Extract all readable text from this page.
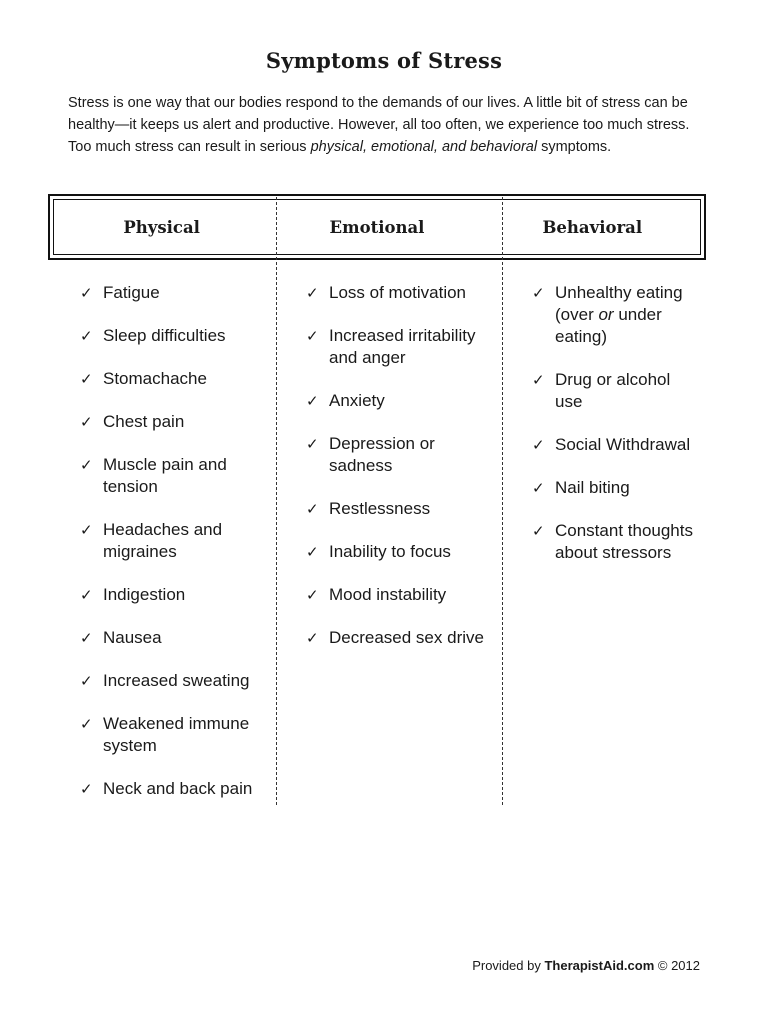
Symptoms of Stress

Stress is one way that our bodies respond to the demands of our lives. A little bit of stress can be healthy—it keeps us alert and productive. However, all too often, we experience too much stress. Too much stress can result in serious physical, emotional, and behavioral symptoms.

Physical	Emotional	Behavioral
✓ Fatigue
✓ Sleep difficulties
✓ Stomachache
✓ Chest pain
✓ Muscle pain and tension
✓ Headaches and migraines
✓ Indigestion
✓ Nausea
✓ Increased sweating
✓ Weakened immune system
✓ Neck and back pain
✓ Loss of motivation
✓ Increased irritability and anger
✓ Anxiety
✓ Depression or sadness
✓ Restlessness
✓ Inability to focus
✓ Mood instability
✓ Decreased sex drive
✓ Unhealthy eating (over or under eating)
✓ Drug or alcohol use
✓ Social Withdrawal
✓ Nail biting
✓ Constant thoughts about stressors
Provided by TherapistAid.com © 2012
